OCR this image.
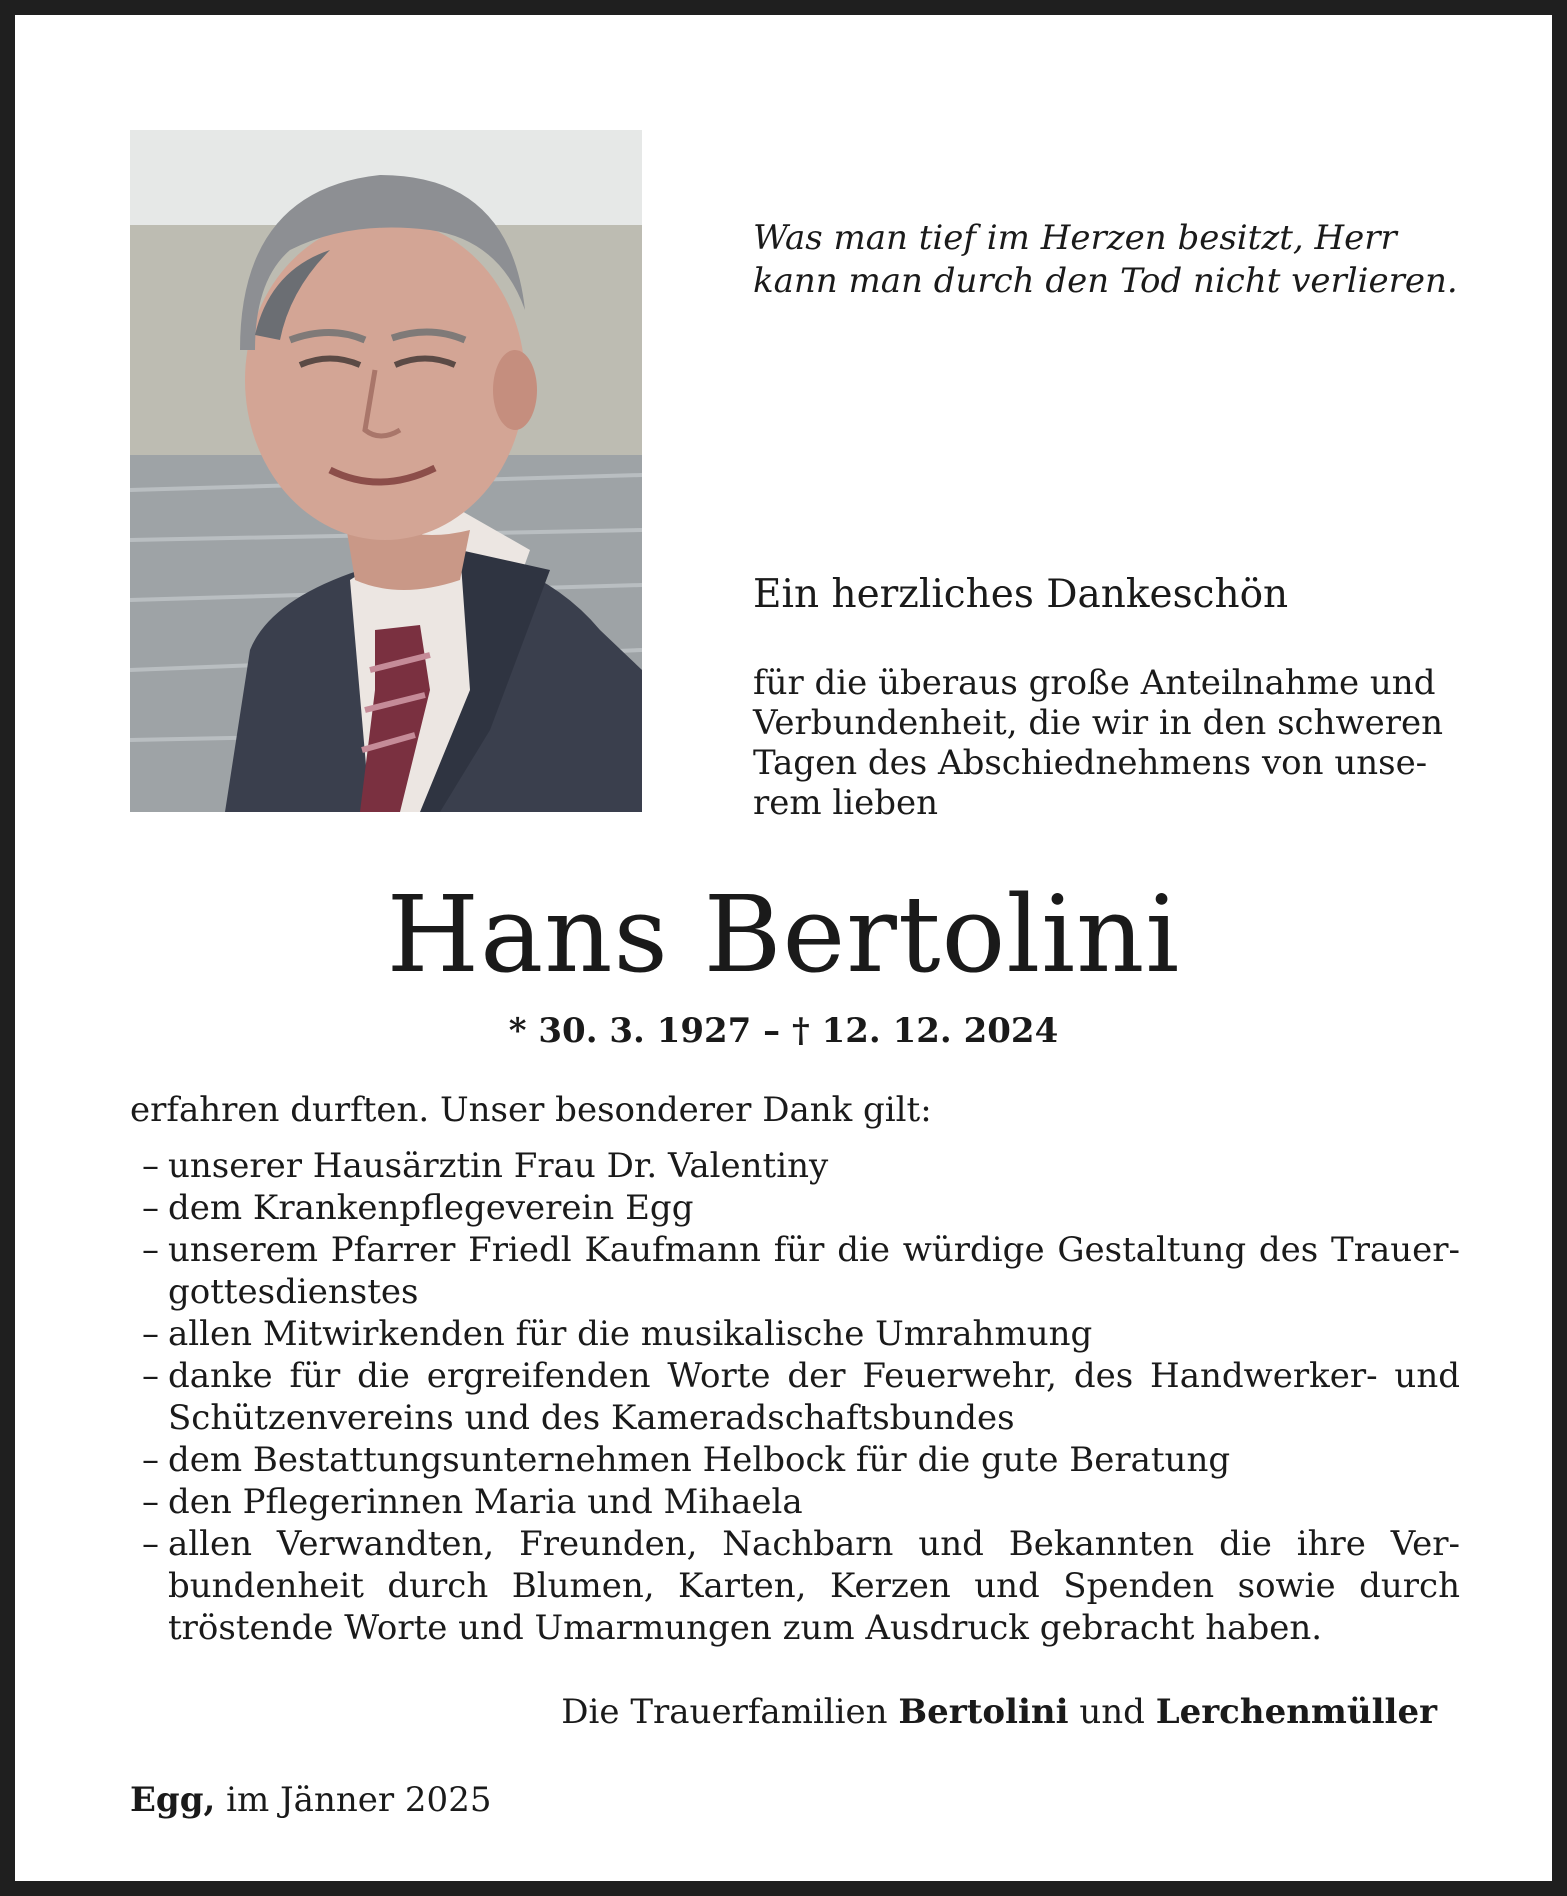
Was man tief im Herzen besitzt, Herr
kann man durch den Tod nicht verlieren.
Ein herzliches Dankeschön
für die überaus große Anteilnahme und
Verbundenheit, die wir in den schweren
Tagen des Abschiednehmens von unse-
rem lieben
Hans Bertolini
* 30. 3. 1927 – † 12. 12. 2024
erfahren durften. Unser besonderer Dank gilt:
– unserer Hausärztin Frau Dr. Valentiny
– dem Krankenpflegeverein Egg
– unserem Pfarrer Friedl Kaufmann für die würdige Gestaltung des Trauer-
gottesdienstes
– allen Mitwirkenden für die musikalische Umrahmung
– danke für die ergreifenden Worte der Feuerwehr, des Handwerker- und
Schützenvereins und des Kameradschaftsbundes
– dem Bestattungsunternehmen Helbock für die gute Beratung
– den Pflegerinnen Maria und Mihaela
– allen Verwandten, Freunden, Nachbarn und Bekannten die ihre Ver-
bundenheit durch Blumen, Karten, Kerzen und Spenden sowie durch
tröstende Worte und Umarmungen zum Ausdruck gebracht haben.
Die Trauerfamilien Bertolini und Lerchenmüller
Egg, im Jänner 2025
